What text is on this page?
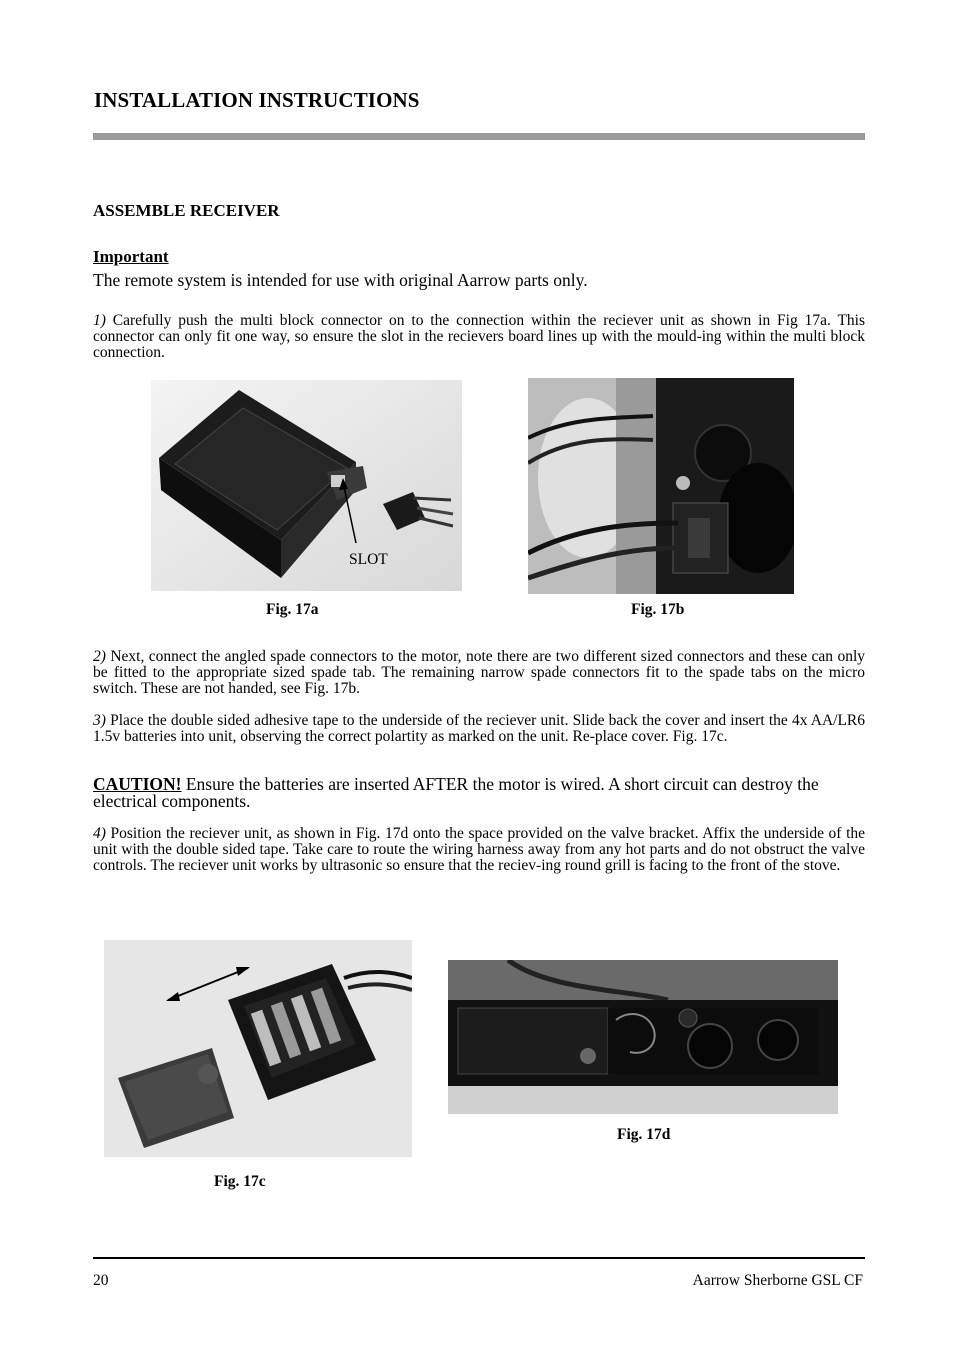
INSTALLATION INSTRUCTIONS
ASSEMBLE RECEIVER
Important
The remote system is intended for use with original Aarrow parts only.
1) Carefully push the multi block connector on to the connection within the reciever unit as shown in Fig 17a. This connector can only fit one way, so ensure the slot in the recievers board lines up with the mould-ing within the multi block connection.
SLOT
Fig. 17a	Fig. 17b
2) Next, connect the angled spade connectors to the motor, note there are two different sized connectors and these can only be fitted to the appropriate sized spade tab. The remaining narrow spade connectors fit to the spade tabs on the micro switch. These are not handed, see Fig. 17b.
3) Place the double sided adhesive tape to the underside of the reciever unit. Slide back the cover and insert the 4x AA/LR6 1.5v batteries into unit, observing the correct polartity as marked on the unit. Re-place cover. Fig. 17c.
CAUTION! Ensure the batteries are inserted AFTER the motor is wired. A short circuit can destroy the electrical components.
4) Position the reciever unit, as shown in Fig. 17d onto the space provided on the valve bracket. Affix the underside of the unit with the double sided tape. Take care to route the wiring harness away from any hot parts and do not obstruct the valve controls. The reciever unit works by ultrasonic so ensure that the reciev-ing round grill is facing to the front of the stove.
Fig. 17d
Fig. 17c
20	Aarrow Sherborne GSL CF
